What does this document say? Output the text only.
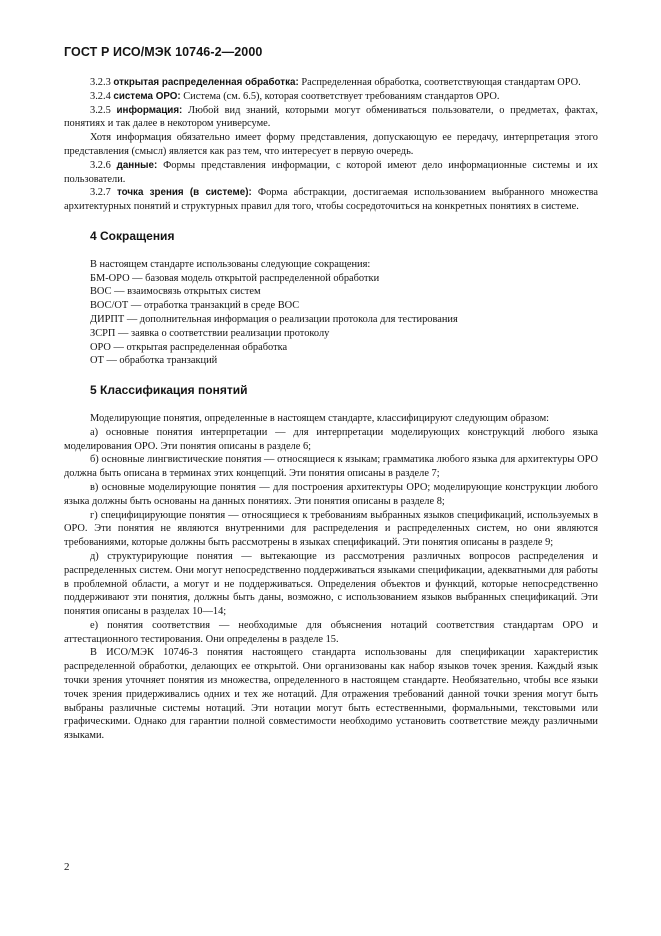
ГОСТ Р ИСО/МЭК 10746-2—2000

3.2.3 открытая распределенная обработка: Распределенная обработка, соответствующая стандартам ОРО.

3.2.4 система ОРО: Система (см. 6.5), которая соответствует требованиям стандартов ОРО.

3.2.5 информация: Любой вид знаний, которыми могут обмениваться пользователи, о предметах, фактах, понятиях и так далее в некотором универсуме.

Хотя информация обязательно имеет форму представления, допускающую ее передачу, интерпретация этого представления (смысл) является как раз тем, что интересует в первую очередь.

3.2.6 данные: Формы представления информации, с которой имеют дело информационные системы и их пользователи.

3.2.7 точка зрения (в системе): Форма абстракции, достигаемая использованием выбранного множества архитектурных понятий и структурных правил для того, чтобы сосредоточиться на конкретных понятиях в системе.

4 Сокращения
В настоящем стандарте использованы следующие сокращения:
БМ-ОРО — базовая модель открытой распределенной обработки
ВОС — взаимосвязь открытых систем
ВОС/ОТ — отработка транзакций в среде ВОС
ДИРПТ — дополнительная информация о реализации протокола для тестирования
ЗСРП — заявка о соответствии реализации протоколу
ОРО — открытая распределенная обработка
ОТ — обработка транзакций
5 Классификация понятий

Моделирующие понятия, определенные в настоящем стандарте, классифицируют следующим образом:

а) основные понятия интерпретации — для интерпретации моделирующих конструкций любого языка моделирования ОРО. Эти понятия описаны в разделе 6;

б) основные лингвистические понятия — относящиеся к языкам; грамматика любого языка для архитектуры ОРО должна быть описана в терминах этих концепций. Эти понятия описаны в разделе 7;

в) основные моделирующие понятия — для построения архитектуры ОРО; моделирующие конструкции любого языка должны быть основаны на данных понятиях. Эти понятия описаны в разделе 8;

г) специфицирующие понятия — относящиеся к требованиям выбранных языков спецификаций, используемых в ОРО. Эти понятия не являются внутренними для распределения и распределенных систем, но они являются требованиями, которые должны быть рассмотрены в языках спецификаций. Эти понятия описаны в разделе 9;

д) структурирующие понятия — вытекающие из рассмотрения различных вопросов распределения и распределенных систем. Они могут непосредственно поддерживаться языками спецификации, адекватными для работы в проблемной области, а могут и не поддерживаться. Определения объектов и функций, которые непосредственно поддерживают эти понятия, должны быть даны, возможно, с использованием языков выбранных спецификаций. Эти понятия описаны в разделах 10—14;

е) понятия соответствия — необходимые для объяснения нотаций соответствия стандартам ОРО и аттестационного тестирования. Они определены в разделе 15.

В ИСО/МЭК 10746-3 понятия настоящего стандарта использованы для спецификации характеристик распределенной обработки, делающих ее открытой. Они организованы как набор языков точек зрения. Каждый язык точки зрения уточняет понятия из множества, определенного в настоящем стандарте. Необязательно, чтобы все языки точек зрения придерживались одних и тех же нотаций. Для отражения требований данной точки зрения могут быть выбраны различные системы нотаций. Эти нотации могут быть естественными, формальными, текстовыми или графическими. Однако для гарантии полной совместимости необходимо установить соответствие между различными языками.

2
